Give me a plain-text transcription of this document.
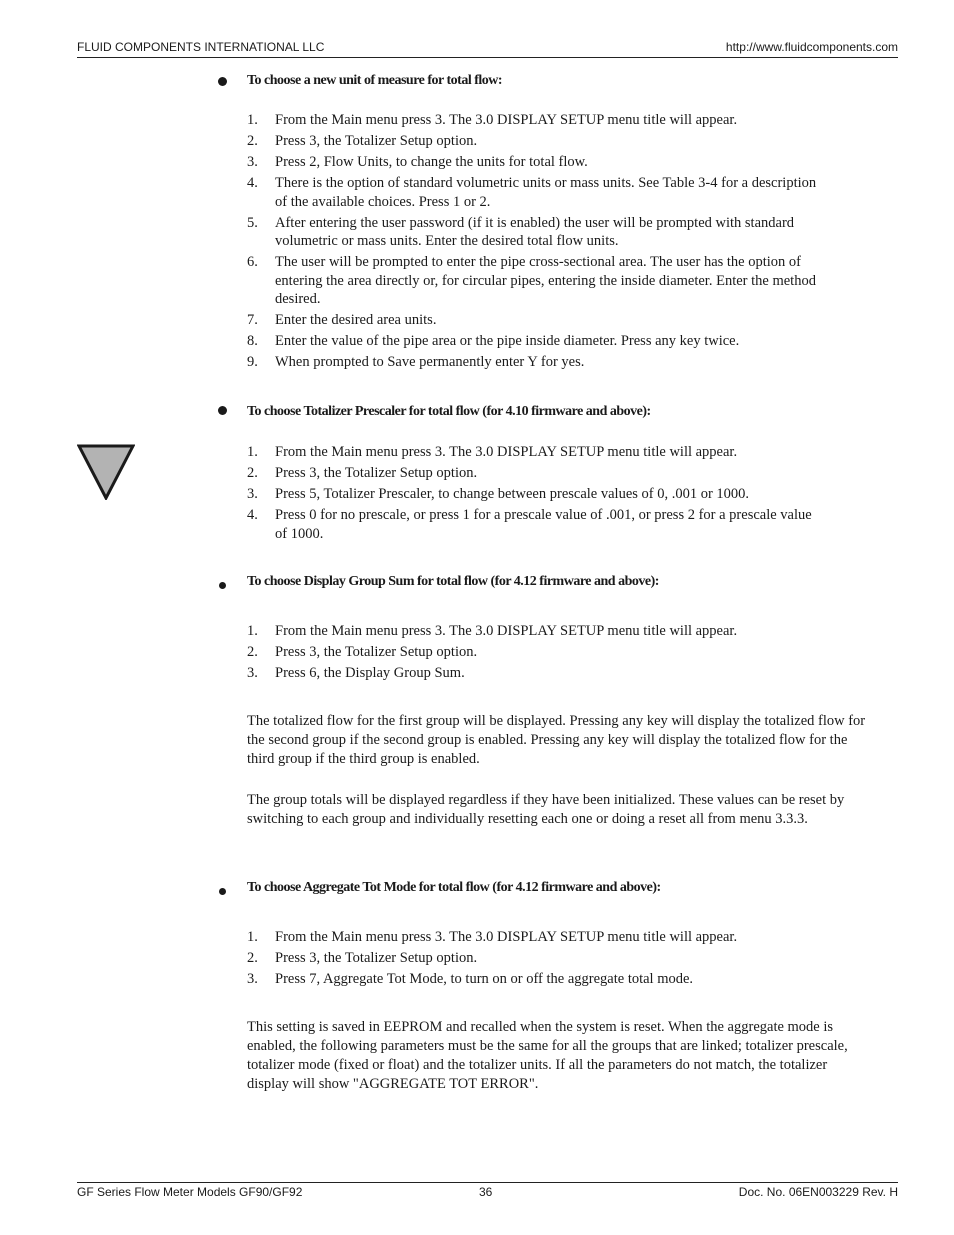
FLUID COMPONENTS INTERNATIONAL LLC	http://www.fluidcomponents.com
To choose a new unit of measure for total flow:
1. From the Main menu press 3. The 3.0 DISPLAY SETUP menu title will appear.
2. Press 3, the Totalizer Setup option.
3. Press 2, Flow Units, to change the units for total flow.
4. There is the option of standard volumetric units or mass units. See Table 3-4 for a description of the available choices. Press 1 or 2.
5. After entering the user password (if it is enabled) the user will be prompted with standard volumetric or mass units. Enter the desired total flow units.
6. The user will be prompted to enter the pipe cross-sectional area. The user has the option of entering the area directly or, for circular pipes, entering the inside diameter. Enter the method desired.
7. Enter the desired area units.
8. Enter the value of the pipe area or the pipe inside diameter. Press any key twice.
9. When prompted to Save permanently enter Y for yes.
To choose Totalizer Prescaler for total flow (for 4.10 firmware and above):
1. From the Main menu press 3. The 3.0 DISPLAY SETUP menu title will appear.
2. Press 3, the Totalizer Setup option.
3. Press 5, Totalizer Prescaler, to change between prescale values of 0, .001 or 1000.
4. Press 0 for no prescale, or press 1 for a prescale value of .001, or press 2 for a prescale value of 1000.
To choose Display Group Sum for total flow (for 4.12 firmware and above):
1. From the Main menu press 3. The 3.0 DISPLAY SETUP menu title will appear.
2. Press 3, the Totalizer Setup option.
3. Press 6, the Display Group Sum.

The totalized flow for the first group will be displayed. Pressing any key will display the totalized flow for the second group if the second group is enabled. Pressing any key will display the totalized flow for the third group if the third group is enabled.

The group totals will be displayed regardless if they have been initialized. These values can be reset by switching to each group and individually resetting each one or doing a reset all from menu 3.3.3.

To choose Aggregate Tot Mode for total flow (for 4.12 firmware and above):
1. From the Main menu press 3. The 3.0 DISPLAY SETUP menu title will appear.
2. Press 3, the Totalizer Setup option.
3. Press 7, Aggregate Tot Mode, to turn on or off the aggregate total mode.

This setting is saved in EEPROM and recalled when the system is reset. When the aggregate mode is enabled, the following parameters must be the same for all the groups that are linked; totalizer prescale, totalizer mode (fixed or float) and the totalizer units. If all the parameters do not match, the totalizer display will show "AGGREGATE TOT ERROR".

GF Series Flow Meter Models GF90/GF92	36	Doc. No. 06EN003229 Rev. H
